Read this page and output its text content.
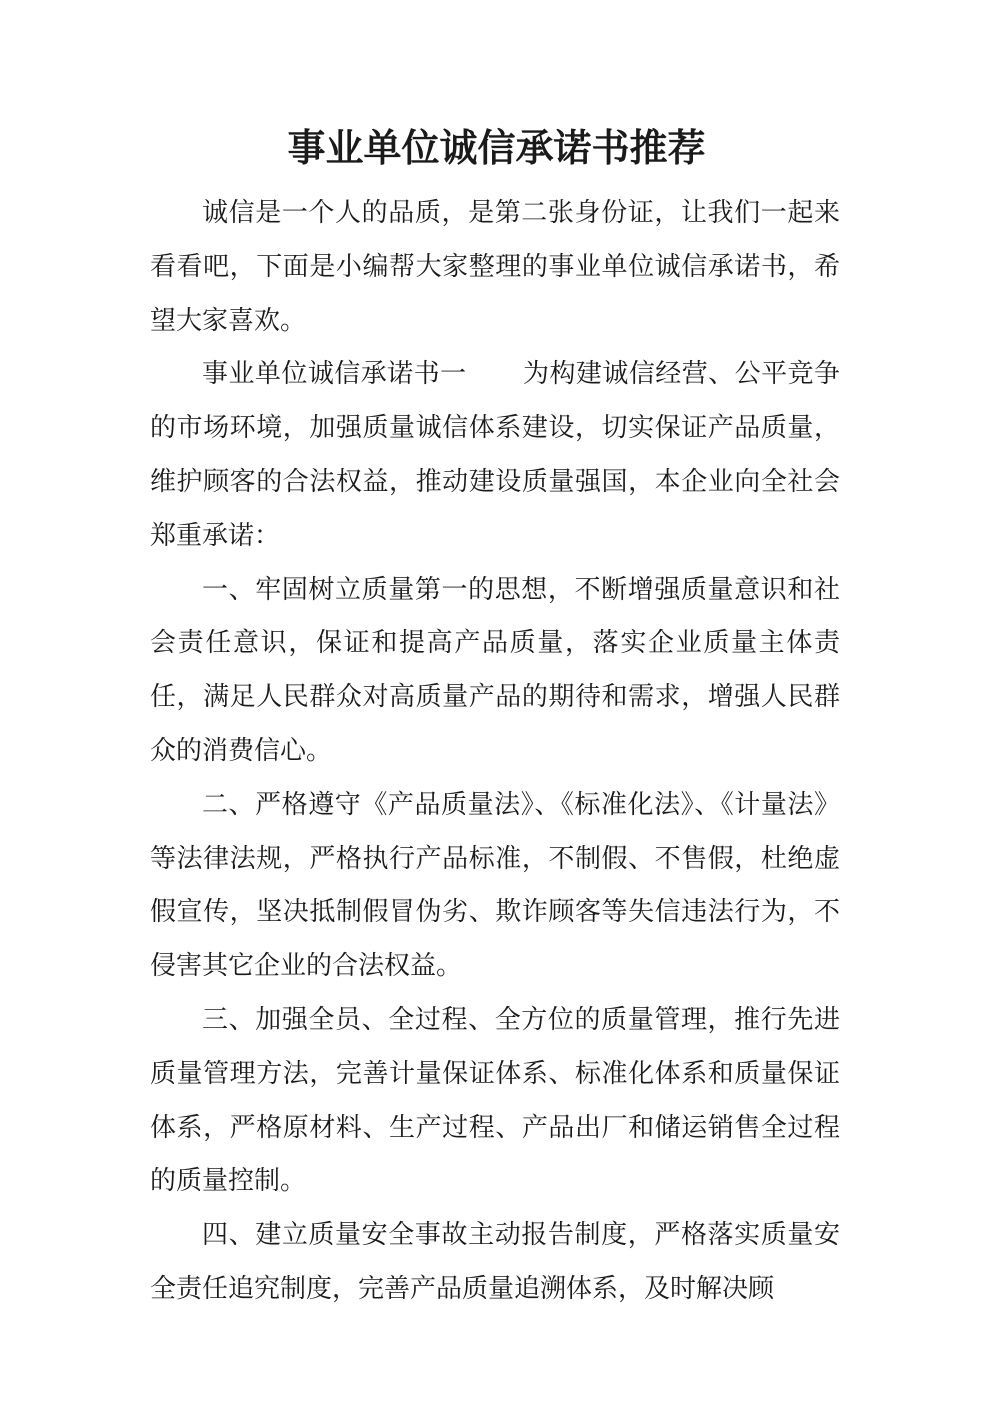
事业单位诚信承诺书推荐

诚信是一个人的品质，是第二张身份证，让我们一起来看看吧，下面是小编帮大家整理的事业单位诚信承诺书，希望大家喜欢。

事业单位诚信承诺书一 为构建诚信经营、公平竞争的市场环境，加强质量诚信体系建设，切实保证产品质量，维护顾客的合法权益，推动建设质量强国，本企业向全社会郑重承诺：

一、牢固树立质量第一的思想，不断增强质量意识和社会责任意识，保证和提高产品质量，落实企业质量主体责任，满足人民群众对高质量产品的期待和需求，增强人民群众的消费信心。

二、严格遵守《产品质量法》、《标准化法》、《计量法》等法律法规，严格执行产品标准，不制假、不售假，杜绝虚假宣传，坚决抵制假冒伪劣、欺诈顾客等失信违法行为，不侵害其它企业的合法权益。

三、加强全员、全过程、全方位的质量管理，推行先进质量管理方法，完善计量保证体系、标准化体系和质量保证体系，严格原材料、生产过程、产品出厂和储运销售全过程的质量控制。

四、建立质量安全事故主动报告制度，严格落实质量安全责任追究制度，完善产品质量追溯体系，及时解决顾
